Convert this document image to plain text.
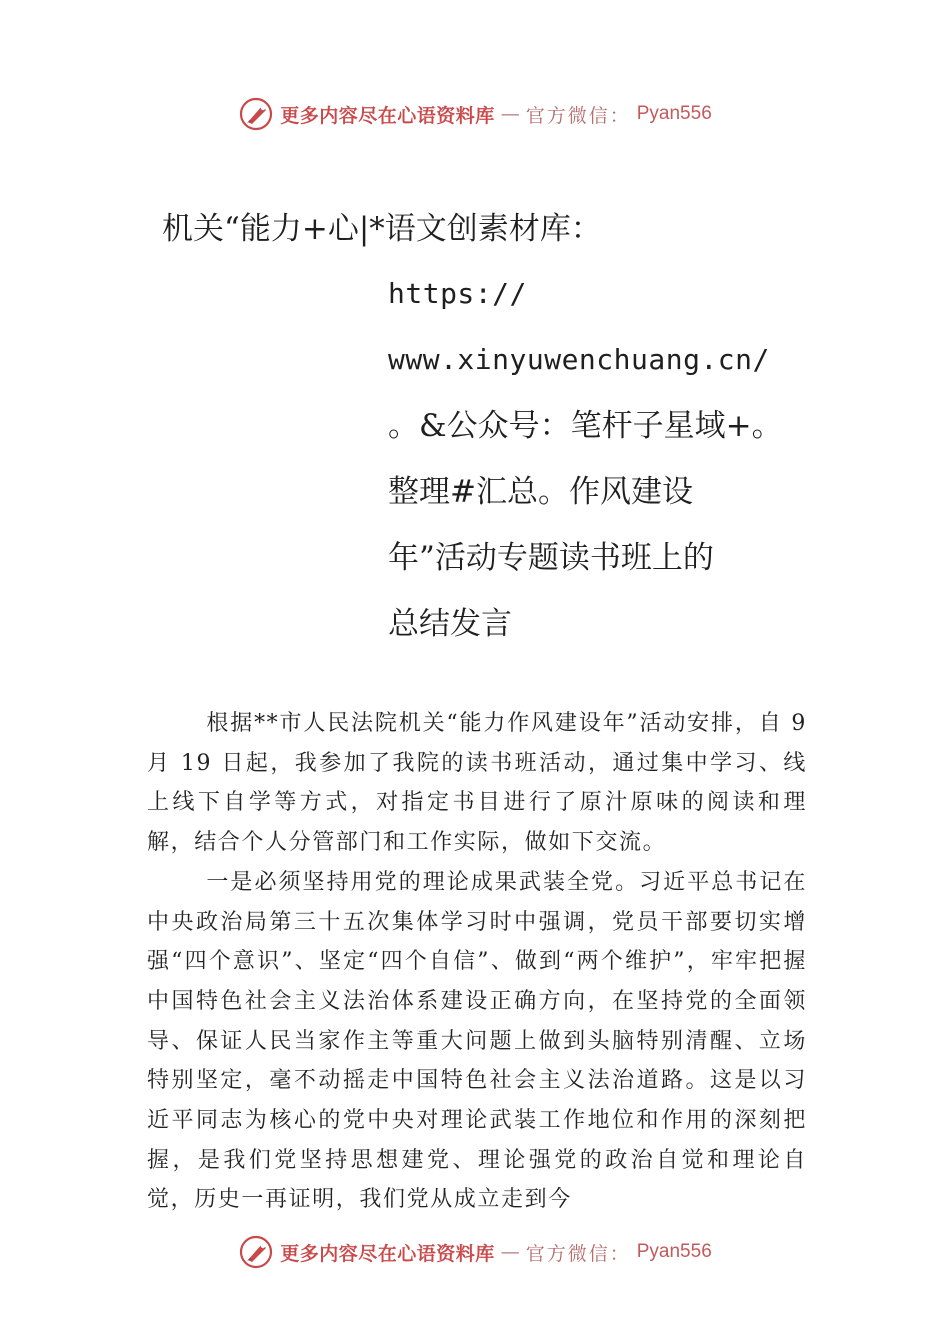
更多内容尽在心语资料库 — 官方微信： Pyan556
机关“能力+心|*语文创素材库：
https://
www.xinyuwenchuang.cn/
。&公众号：笔杆子星域+。
整理#汇总。作风建设
年”活动专题读书班上的
总结发言

根据**市人民法院机关“能力作风建设年”活动安排，自 9 月 19 日起，我参加了我院的读书班活动，通过集中学习、线上线下自学等方式，对指定书目进行了原汁原味的阅读和理解，结合个人分管部门和工作实际，做如下交流。

一是必须坚持用党的理论成果武装全党。习近平总书记在中央政治局第三十五次集体学习时中强调，党员干部要切实增强“四个意识”、坚定“四个自信”、做到“两个维护”，牢牢把握中国特色社会主义法治体系建设正确方向，在坚持党的全面领导、保证人民当家作主等重大问题上做到头脑特别清醒、立场特别坚定，毫不动摇走中国特色社会主义法治道路。这是以习近平同志为核心的党中央对理论武装工作地位和作用的深刻把握，是我们党坚持思想建党、理论强党的政治自觉和理论自觉，历史一再证明，我们党从成立走到今

更多内容尽在心语资料库 — 官方微信： Pyan556
